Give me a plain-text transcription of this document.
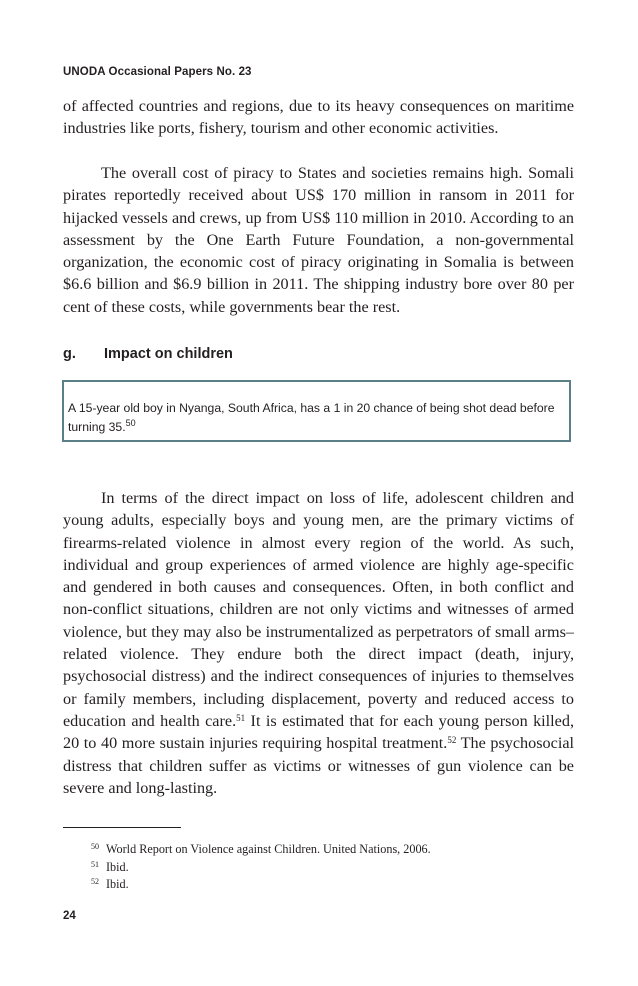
UNODA Occasional Papers No. 23

of affected countries and regions, due to its heavy consequences on maritime industries like ports, fishery, tourism and other economic activities.

The overall cost of piracy to States and societies remains high. Somali pirates reportedly received about US$ 170 million in ransom in 2011 for hijacked vessels and crews, up from US$ 110 million in 2010. According to an assessment by the One Earth Future Foundation, a non-governmental organization, the economic cost of piracy originating in Somalia is between $6.6 billion and $6.9 billion in 2011. The shipping industry bore over 80 per cent of these costs, while governments bear the rest.

g. Impact on children
A 15-year old boy in Nyanga, South Africa, has a 1 in 20 chance of being shot dead before turning 35.50

In terms of the direct impact on loss of life, adolescent children and young adults, especially boys and young men, are the primary victims of firearms-related violence in almost every region of the world. As such, individual and group experiences of armed violence are highly age-specific and gendered in both causes and consequences. Often, in both conflict and non-conflict situations, children are not only victims and witnesses of armed violence, but they may also be instrumentalized as perpetrators of small arms–related violence. They endure both the direct impact (death, injury, psychosocial distress) and the indirect consequences of injuries to themselves or family members, including displacement, poverty and reduced access to education and health care.$^{51}$ It is estimated that for each young person killed, 20 to 40 more sustain injuries requiring hospital treatment.$^{52}$ The psychosocial distress that children suffer as victims or witnesses of gun violence can be severe and long-lasting.

50 World Report on Violence against Children. United Nations, 2006.
51 Ibid.
52 Ibid.
24
